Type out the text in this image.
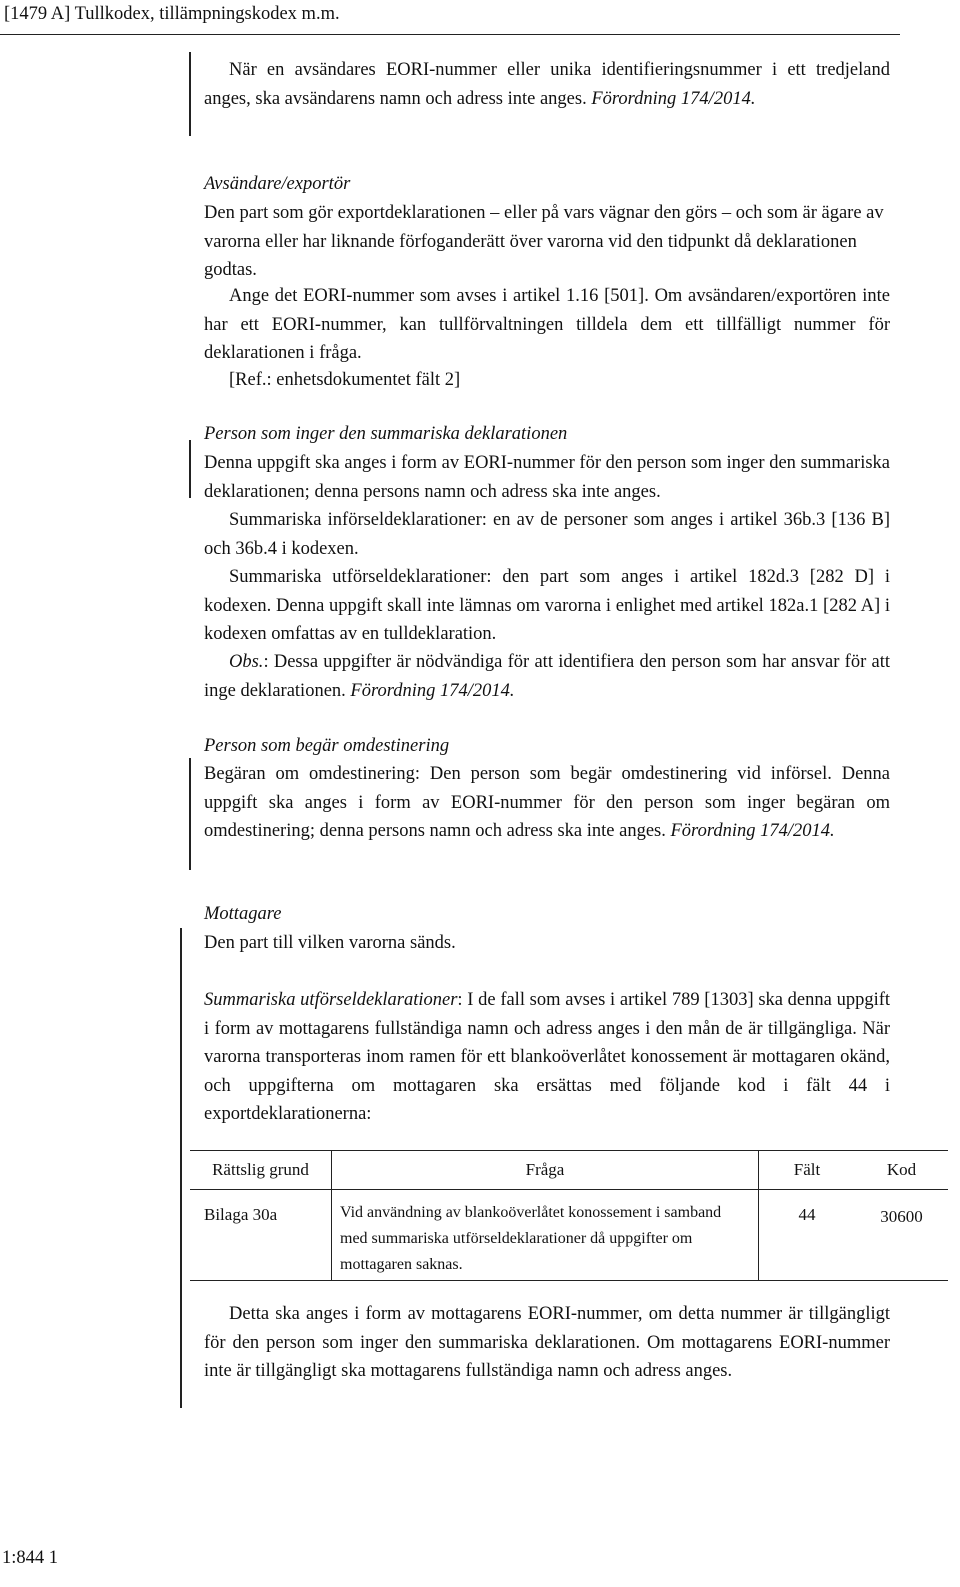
[1479 A] Tullkodex, tillämpningskodex m.m.

När en avsändares EORI-nummer eller unika identifieringsnummer i ett tredjeland anges, ska avsändarens namn och adress inte anges. Förordning 174/2014.

Avsändare/exportör

Den part som gör exportdeklarationen – eller på vars vägnar den görs – och som är ägare av varorna eller har liknande förfoganderätt över varorna vid den tidpunkt då deklarationen godtas.

Ange det EORI-nummer som avses i artikel 1.16 [501]. Om avsändaren/exportören inte har ett EORI-nummer, kan tullförvaltningen tilldela dem ett tillfälligt nummer för deklarationen i fråga.

[Ref.: enhetsdokumentet fält 2]

Person som inger den summariska deklarationen

Denna uppgift ska anges i form av EORI-nummer för den person som inger den summariska deklarationen; denna persons namn och adress ska inte anges.

Summariska införseldeklarationer: en av de personer som anges i artikel 36b.3 [136 B] och 36b.4 i kodexen.

Summariska utförseldeklarationer: den part som anges i artikel 182d.3 [282 D] i kodexen. Denna uppgift skall inte lämnas om varorna i enlighet med artikel 182a.1 [282 A] i kodexen omfattas av en tulldeklaration.

Obs.: Dessa uppgifter är nödvändiga för att identifiera den person som har ansvar för att inge deklarationen. Förordning 174/2014.

Person som begär omdestinering

Begäran om omdestinering: Den person som begär omdestinering vid införsel. Denna uppgift ska anges i form av EORI-nummer för den person som inger begäran om omdestinering; denna persons namn och adress ska inte anges. Förordning 174/2014.

Mottagare

Den part till vilken varorna sänds.

Summariska utförseldeklarationer: I de fall som avses i artikel 789 [1303] ska denna uppgift i form av mottagarens fullständiga namn och adress anges i den mån de är tillgängliga. När varorna transporteras inom ramen för ett blankoöverlåtet konossement är mottagaren okänd, och uppgifterna om mottagaren ska ersättas med följande kod i fält 44 i exportdeklarationerna:

Rättslig grund	Fråga	Fält	Kod
Bilaga 30a	Vid användning av blankoöverlåtet konossement i samband med summariska utförseldeklarationer då uppgifter om mottagaren saknas.	44	30600

Detta ska anges i form av mottagarens EORI-nummer, om detta nummer är tillgängligt för den person som inger den summariska deklarationen. Om mottagarens EORI-nummer inte är tillgängligt ska mottagarens fullständiga namn och adress anges.

1:844 1
